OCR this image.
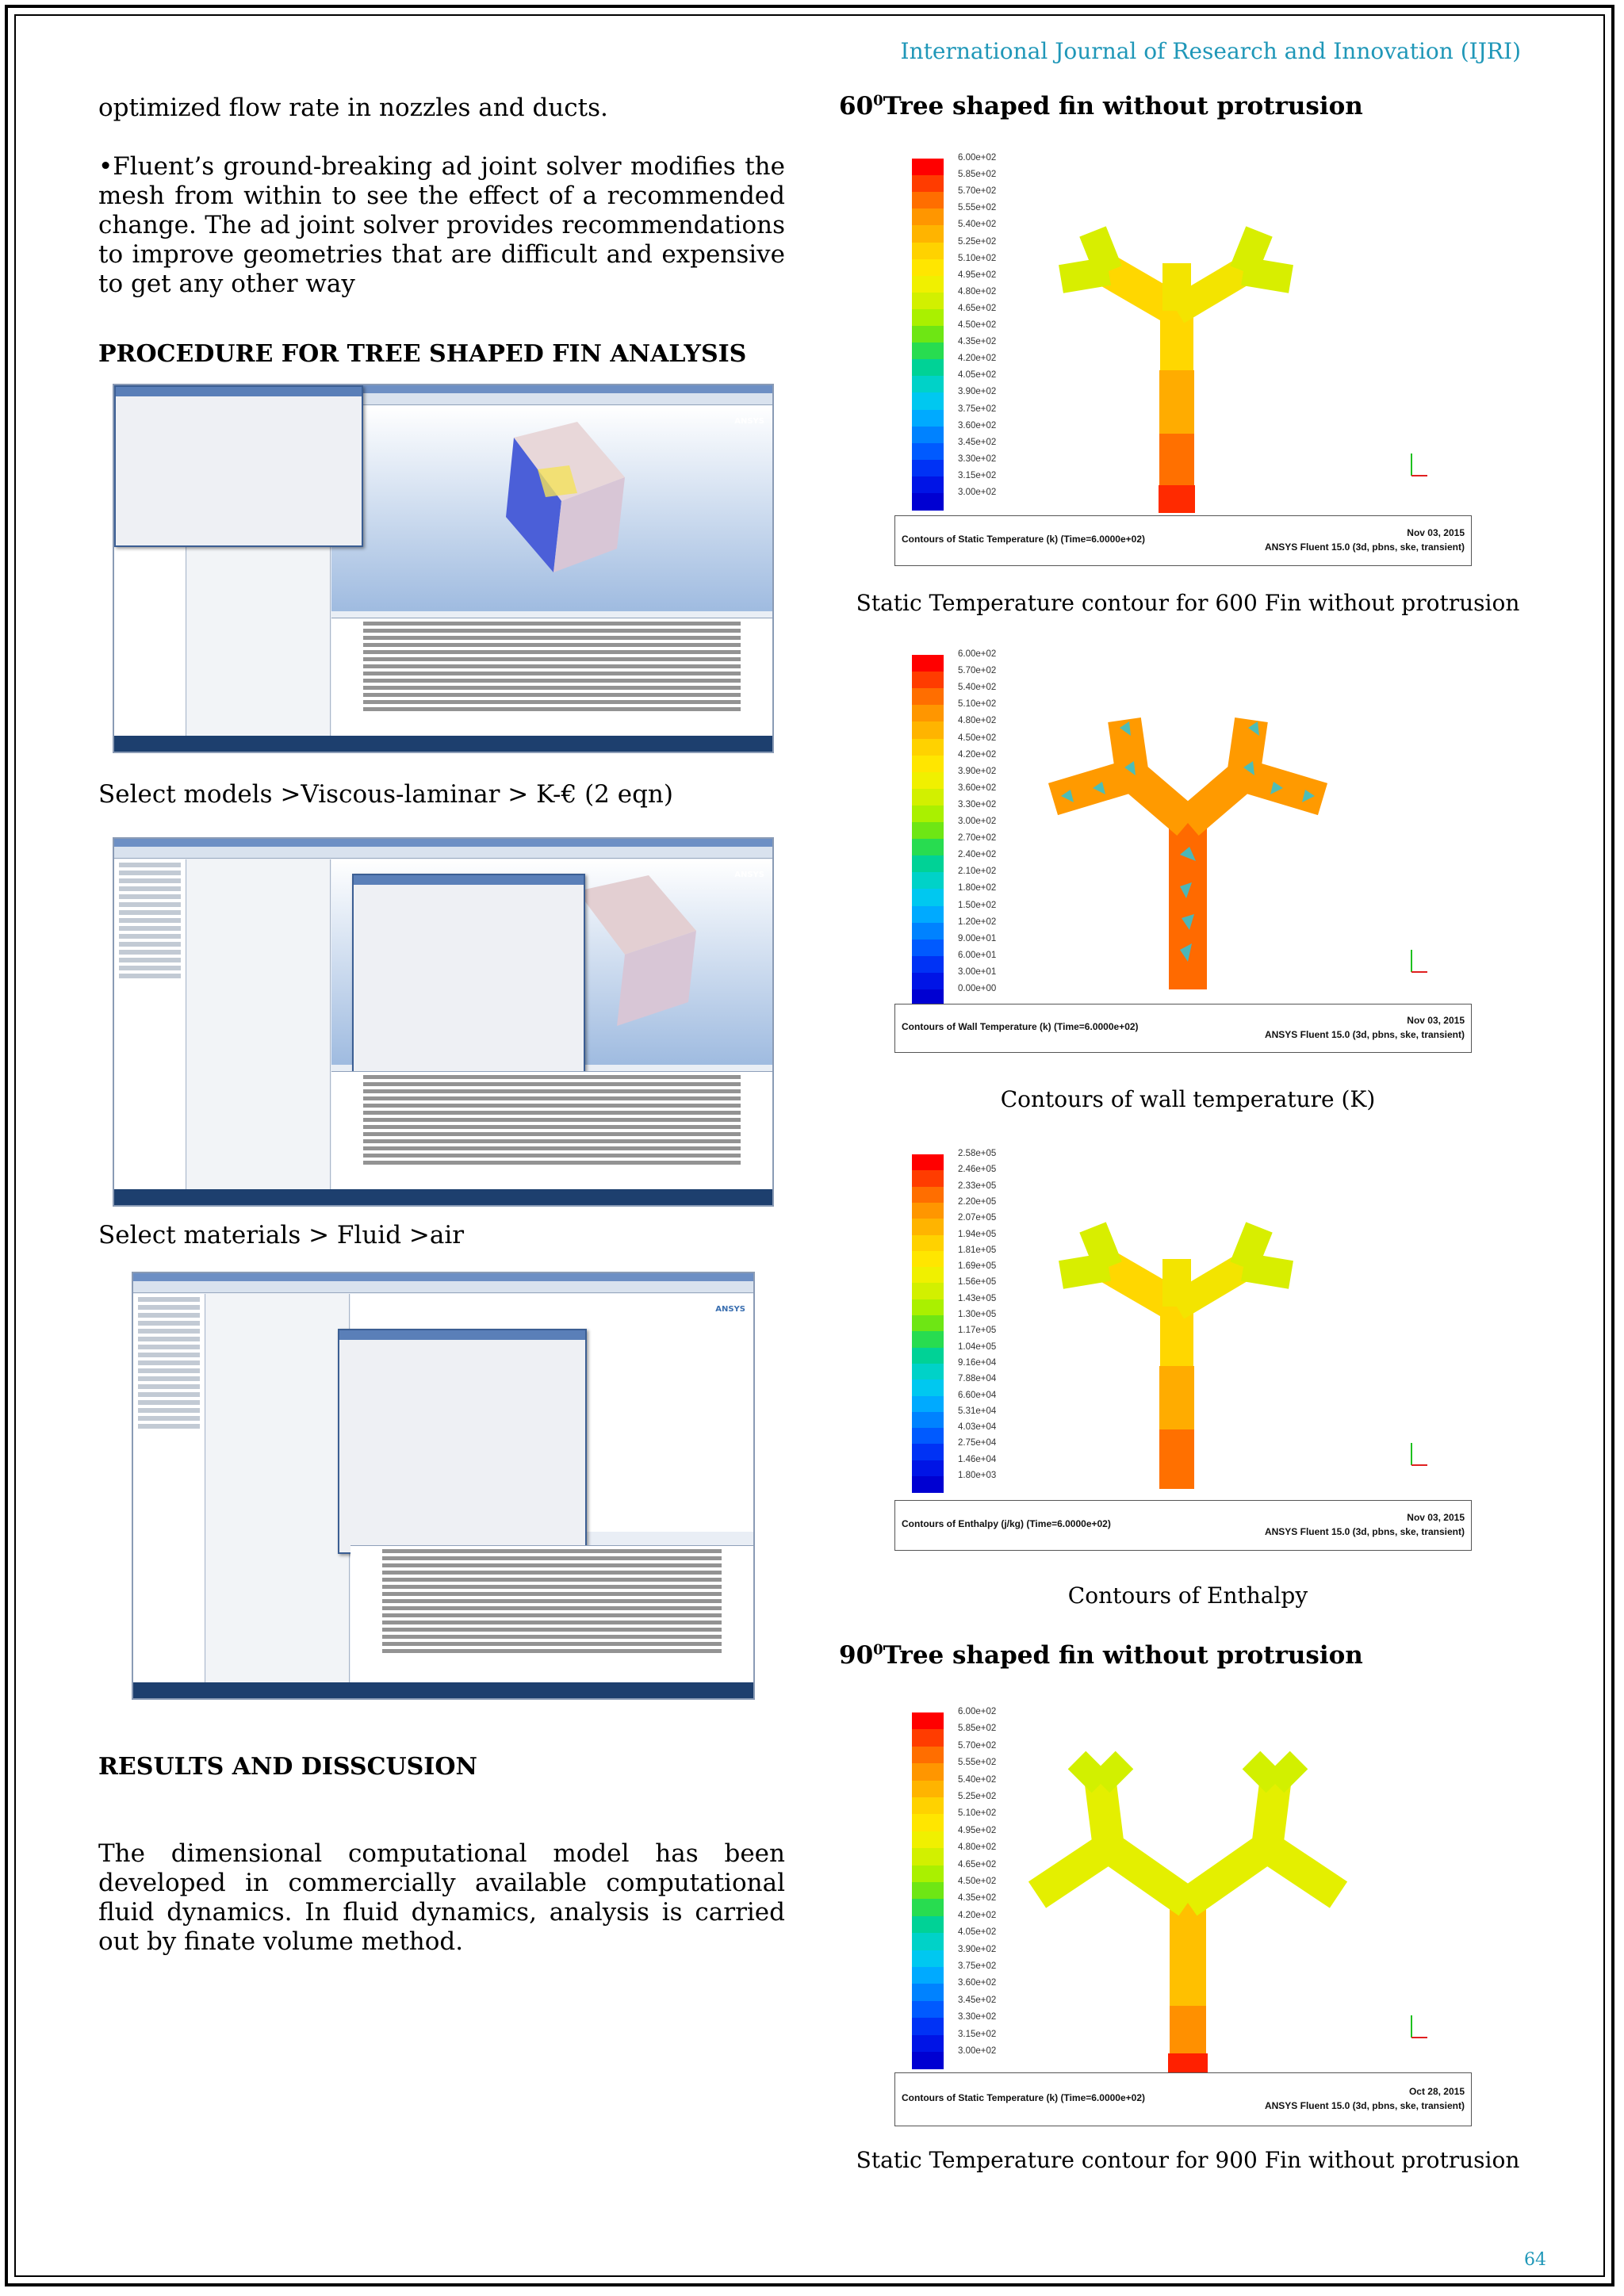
International Journal of Research and Innovation (IJRI)
optimized flow rate in nozzles and ducts.
•Fluent’s ground-breaking ad joint solver modifies the mesh from within to see the effect of a recommended change. The ad joint solver provides recommendations to improve geometries that are difficult and expensive to get any other way
PROCEDURE FOR TREE SHAPED FIN ANALYSIS
ANSYS
Select models >Viscous-laminar > K-€ (2 eqn)
ANSYS
Select materials > Fluid >air
ANSYS
RESULTS AND DISSCUSION
The dimensional computational model has been developed in commercially available computational fluid dynamics. In fluid dynamics, analysis is carried out by finate volume method.
$60^0Tree$ shaped fin without protrusion
$90^0Tree$ shaped fin without protrusion
6.00e+02
5.85e+02
5.70e+02
5.55e+02
5.40e+02
5.25e+02
5.10e+02
4.95e+02
4.80e+02
4.65e+02
4.50e+02
4.35e+02
4.20e+02
4.05e+02
3.90e+02
3.75e+02
3.60e+02
3.45e+02
3.30e+02
3.15e+02
3.00e+02
Contours of Static Temperature (k) (Time=6.0000e+02)
Nov 03, 2015
ANSYS Fluent 15.0 (3d, pbns, ske, transient)
Static Temperature contour for 600 Fin without protrusion
6.00e+02
5.70e+02
5.40e+02
5.10e+02
4.80e+02
4.50e+02
4.20e+02
3.90e+02
3.60e+02
3.30e+02
3.00e+02
2.70e+02
2.40e+02
2.10e+02
1.80e+02
1.50e+02
1.20e+02
9.00e+01
6.00e+01
3.00e+01
0.00e+00
Contours of Wall Temperature (k) (Time=6.0000e+02)
Nov 03, 2015
ANSYS Fluent 15.0 (3d, pbns, ske, transient)
Contours of wall temperature (K)
2.58e+05
2.46e+05
2.33e+05
2.20e+05
2.07e+05
1.94e+05
1.81e+05
1.69e+05
1.56e+05
1.43e+05
1.30e+05
1.17e+05
1.04e+05
9.16e+04
7.88e+04
6.60e+04
5.31e+04
4.03e+04
2.75e+04
1.46e+04
1.80e+03
Contours of Enthalpy (j/kg) (Time=6.0000e+02)
Nov 03, 2015
ANSYS Fluent 15.0 (3d, pbns, ske, transient)
Contours of Enthalpy
6.00e+02
5.85e+02
5.70e+02
5.55e+02
5.40e+02
5.25e+02
5.10e+02
4.95e+02
4.80e+02
4.65e+02
4.50e+02
4.35e+02
4.20e+02
4.05e+02
3.90e+02
3.75e+02
3.60e+02
3.45e+02
3.30e+02
3.15e+02
3.00e+02
Contours of Static Temperature (k) (Time=6.0000e+02)
Oct 28, 2015
ANSYS Fluent 15.0 (3d, pbns, ske, transient)
Static Temperature contour for 900 Fin without protrusion
64
